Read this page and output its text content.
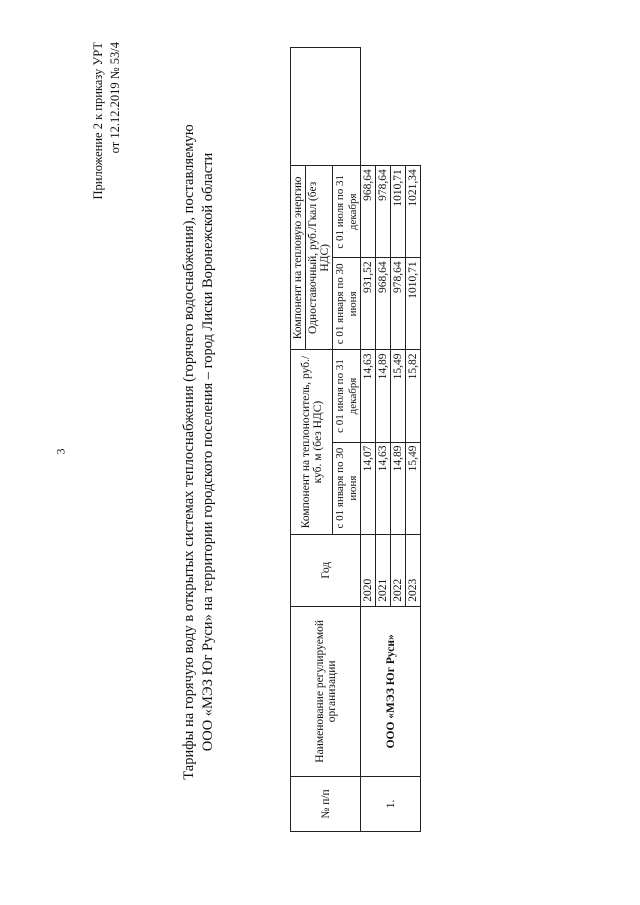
3
Приложение 2 к приказу УРТ от 12.12.2019 № 53/4
Тарифы на горячую воду в открытых системах теплоснабжения (горячего водоснабжения), поставляемую ООО «МЭЗ Юг Руси» на территории городского поселения – город Лиски Воронежской области
№ п/п	Наименование регулируемой организации	Год	Компонент на теплоноситель, руб./куб. м (без НДС)		Компонент на тепловую энергию		
					Одноставочный, руб./Гкал (без НДС)		
			с 01 января по 30 июня	с 01 июля по 31 декабря	с 01 января по 30 июня	с 01 июля по 31 декабря	
1.	ООО «МЭЗ Юг Руси»	2020	14,07	14,63	931,52	968,64	
		2021	14,63	14,89	968,64	978,64	
		2022	14,89	15,49	978,64	1010,71	
		2023	15,49	15,82	1010,71	1021,34	
